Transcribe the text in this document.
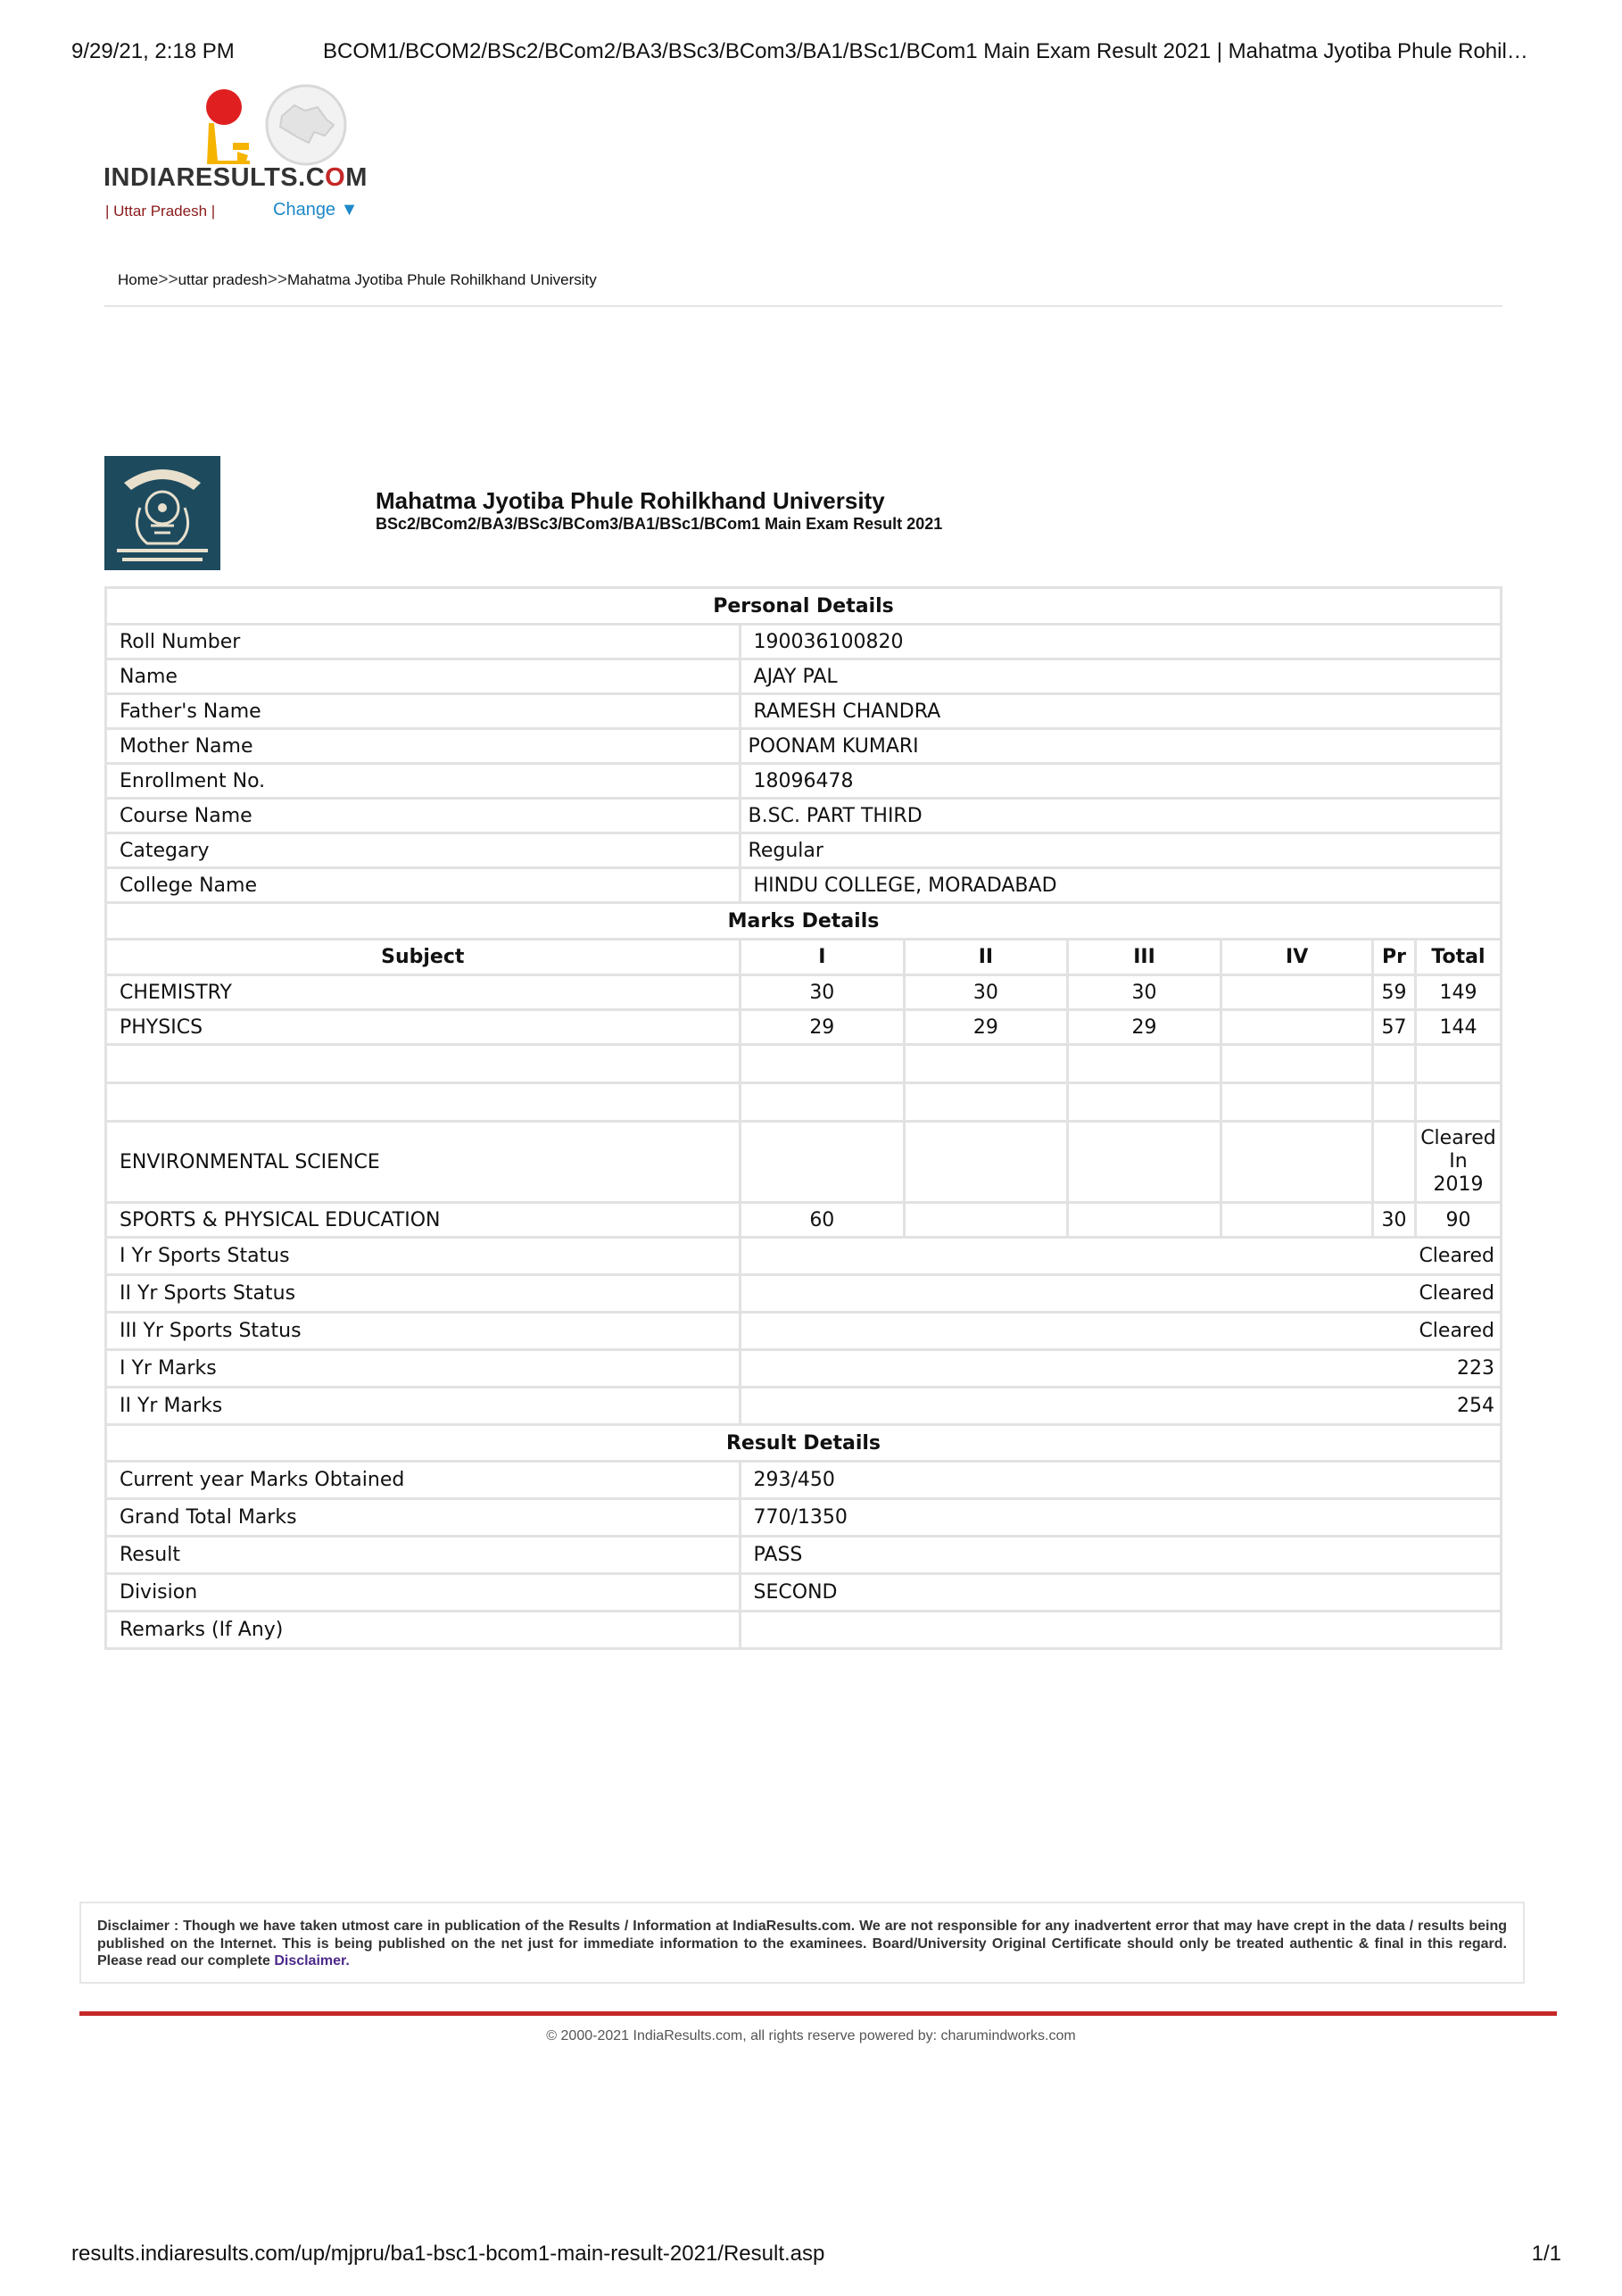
9/29/21, 2:18 PM	BCOM1/BCOM2/BSc2/BCom2/BA3/BSc3/BCom3/BA1/BSc1/BCom1 Main Exam Result 2021 | Mahatma Jyotiba Phule Rohil…
INDIARESULTS.COM
| Uttar Pradesh |	Change ▼
Home>>uttar pradesh>>Mahatma Jyotiba Phule Rohilkhand University
Mahatma Jyotiba Phule Rohilkhand University
BSc2/BCom2/BA3/BSc3/BCom3/BA1/BSc1/BCom1 Main Exam Result 2021
Personal Details						
Roll Number	190036100820					
Name	AJAY PAL					
Father's Name	RAMESH CHANDRA					
Mother Name	POONAM KUMARI					
Enrollment No.	18096478					
Course Name	B.SC. PART THIRD					
Categary	Regular					
College Name	HINDU COLLEGE, MORADABAD					
Marks Details						
Subject	I	II	III	IV	Pr	Total
CHEMISTRY	30	30	30		59	149
PHYSICS	29	29	29		57	144

ENVIRONMENTAL SCIENCE						Cleared
In
2019
SPORTS & PHYSICAL EDUCATION	60				30	90
I Yr Sports Status	Cleared					
II Yr Sports Status	Cleared					
III Yr Sports Status	Cleared					
I Yr Marks	223					
II Yr Marks	254					
Result Details						
Current year Marks Obtained	293/450					
Grand Total Marks	770/1350					
Result	PASS					
Division	SECOND					
Remarks (If Any)						
Disclaimer : Though we have taken utmost care in publication of the Results / Information at IndiaResults.com. We are not responsible for any inadvertent error that may have crept in the data / results being published on the Internet. This is being published on the net just for immediate information to the examinees. Board/University Original Certificate should only be treated authentic & final in this regard. Please read our complete Disclaimer.
© 2000-2021 IndiaResults.com, all rights reserve powered by: charumindworks.com
results.indiaresults.com/up/mjpru/ba1-bsc1-bcom1-main-result-2021/Result.asp	1/1
